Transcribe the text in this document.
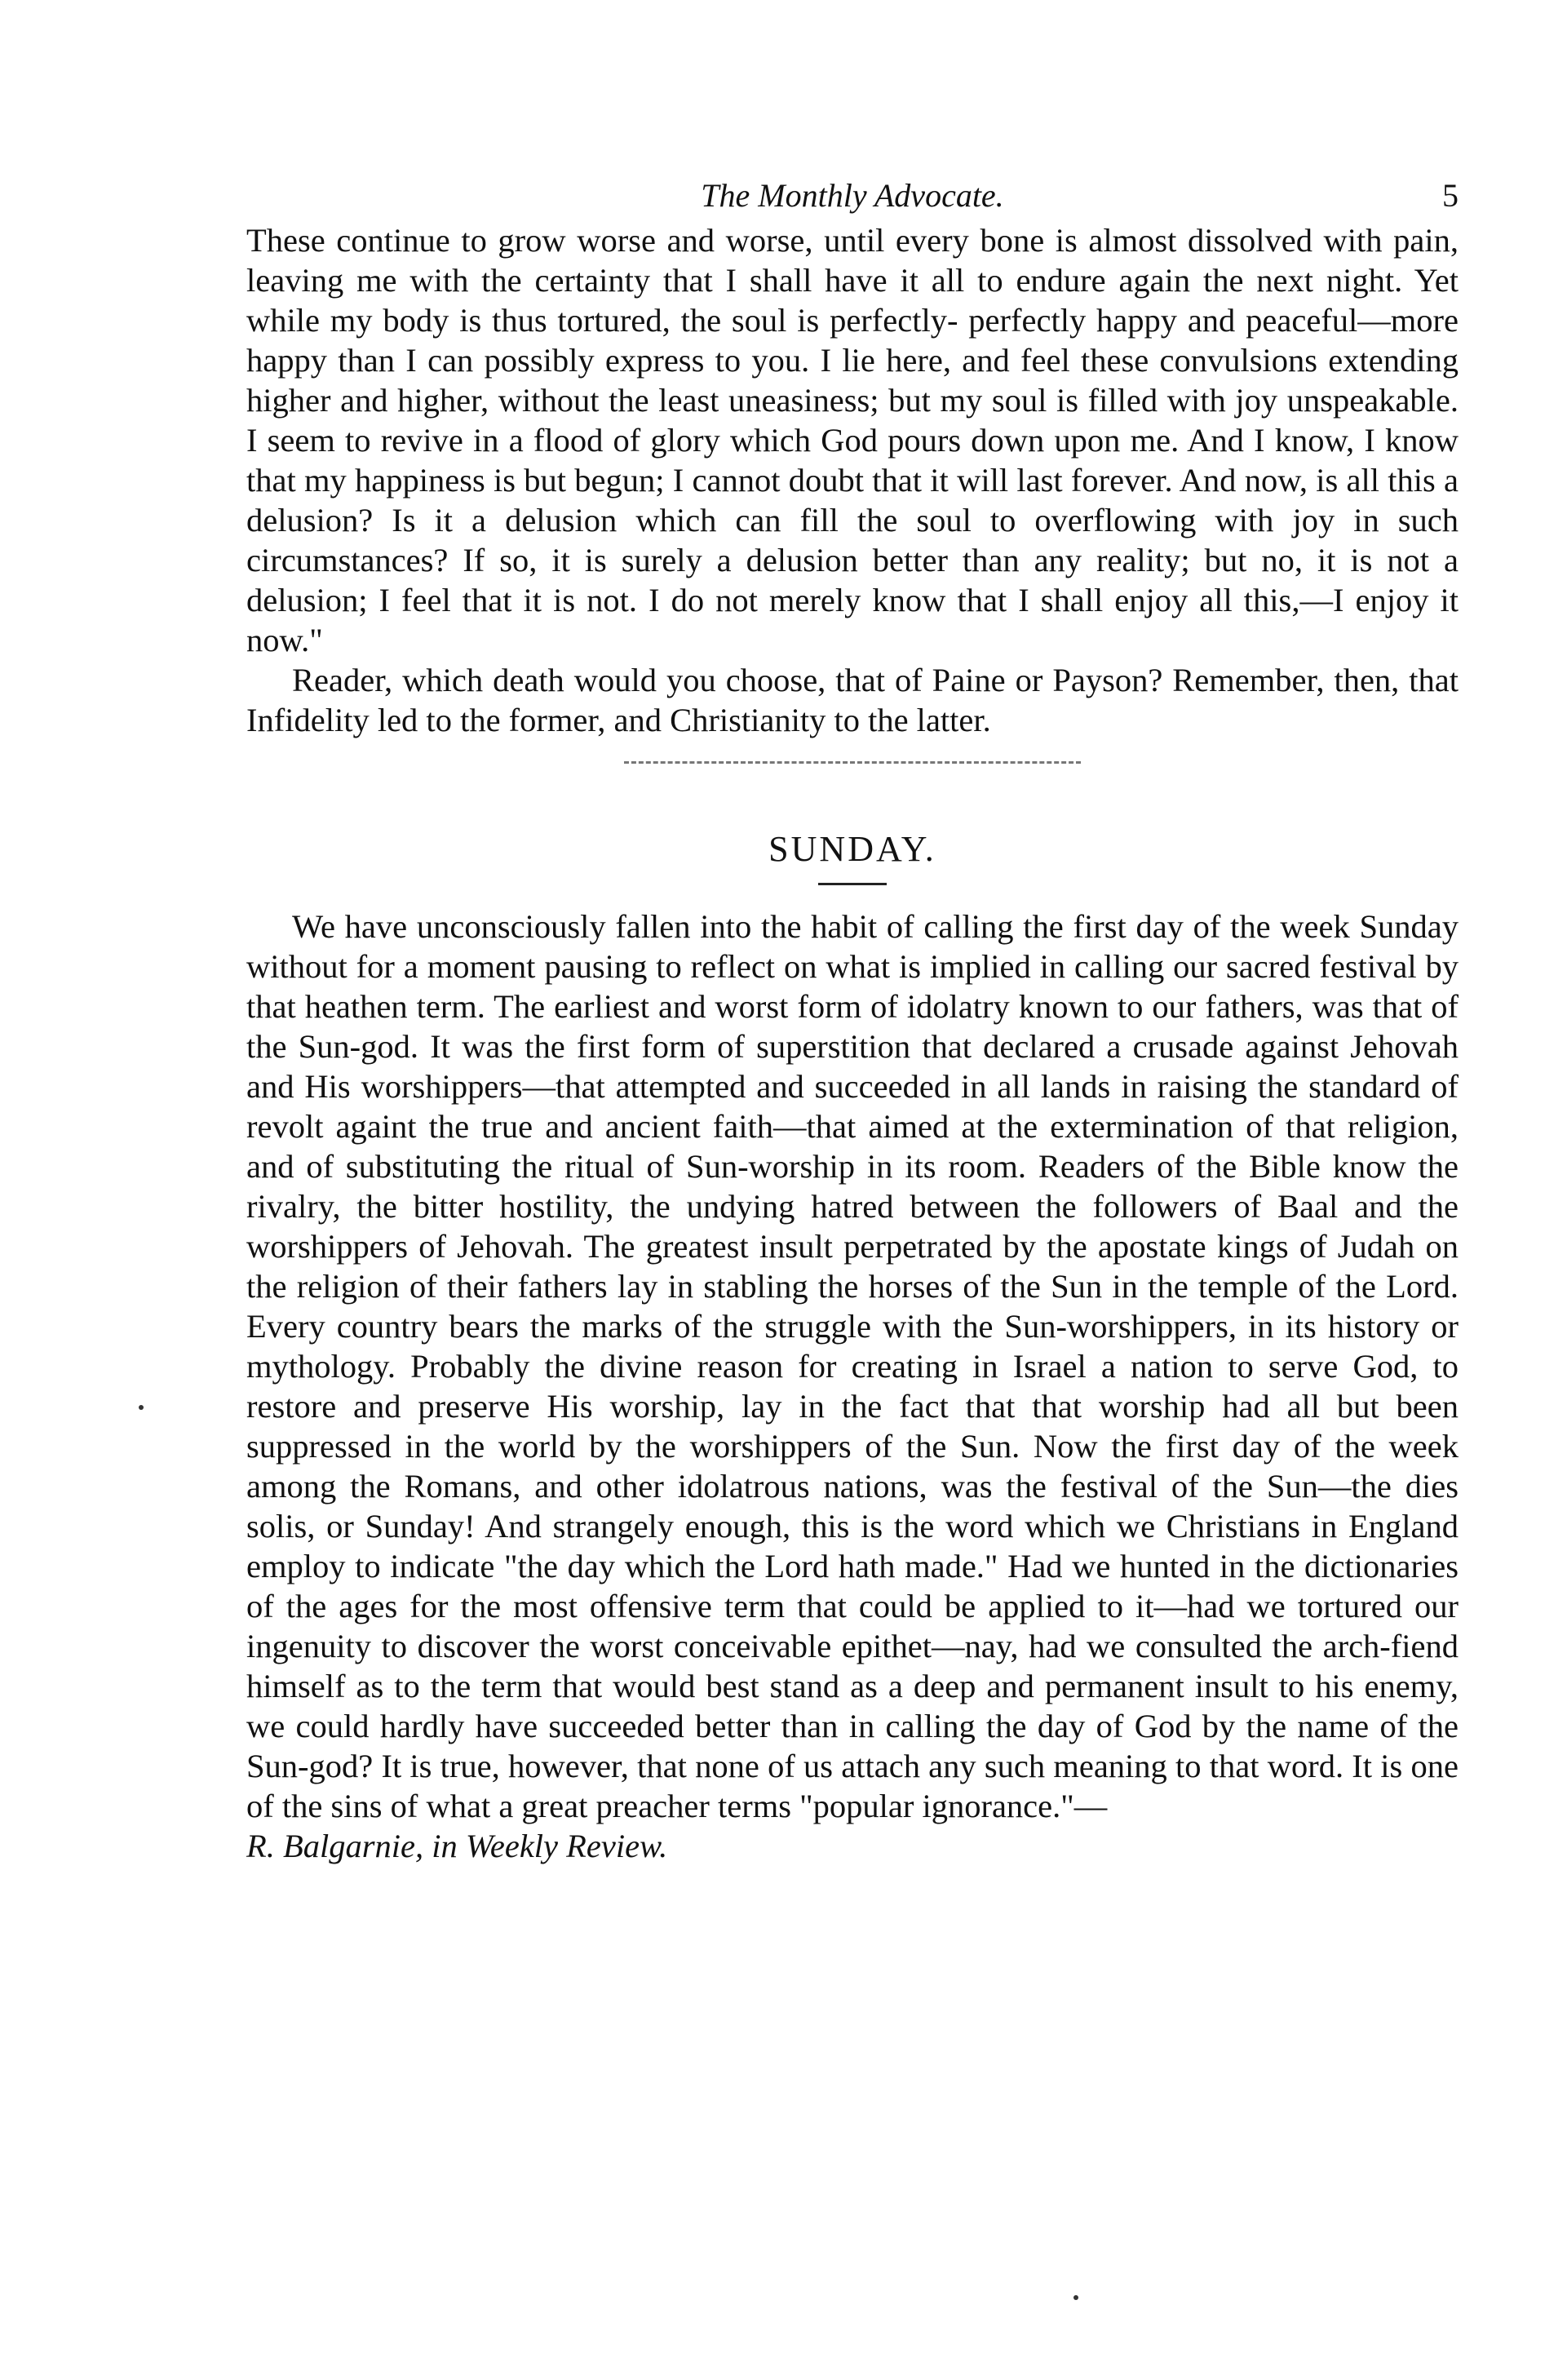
The Monthly Advocate.	5

These continue to grow worse and worse, until every bone is almost dissolved with pain, leaving me with the certainty that I shall have it all to endure again the next night. Yet while my body is thus tortured, the soul is perfectly- perfectly happy and peaceful—more happy than I can possibly express to you. I lie here, and feel these convulsions extending higher and higher, without the least uneasiness; but my soul is filled with joy unspeakable. I seem to revive in a flood of glory which God pours down upon me. And I know, I know that my happiness is but begun; I cannot doubt that it will last forever. And now, is all this a delusion? Is it a delusion which can fill the soul to overflowing with joy in such circumstances? If so, it is surely a delusion better than any reality; but no, it is not a delusion; I feel that it is not. I do not merely know that I shall enjoy all this,—I enjoy it now."

Reader, which death would you choose, that of Paine or Payson? Remember, then, that Infidelity led to the former, and Christianity to the latter.

SUNDAY.

We have unconsciously fallen into the habit of calling the first day of the week Sunday without for a moment pausing to reflect on what is implied in calling our sacred festival by that heathen term. The earliest and worst form of idolatry known to our fathers, was that of the Sun-god. It was the first form of superstition that declared a crusade against Jehovah and His worshippers—that attempted and succeeded in all lands in raising the standard of revolt againt the true and ancient faith—that aimed at the extermination of that religion, and of substituting the ritual of Sun-worship in its room. Readers of the Bible know the rivalry, the bitter hostility, the undying hatred between the followers of Baal and the worshippers of Jehovah. The greatest insult perpetrated by the apostate kings of Judah on the religion of their fathers lay in stabling the horses of the Sun in the temple of the Lord. Every country bears the marks of the struggle with the Sun-worshippers, in its history or mythology. Probably the divine reason for creating in Israel a nation to serve God, to restore and preserve His worship, lay in the fact that that worship had all but been suppressed in the world by the worshippers of the Sun. Now the first day of the week among the Romans, and other idolatrous nations, was the festival of the Sun—the dies solis, or Sunday! And strangely enough, this is the word which we Christians in England employ to indicate "the day which the Lord hath made." Had we hunted in the dictionaries of the ages for the most offensive term that could be applied to it—had we tortured our ingenuity to discover the worst conceivable epithet—nay, had we consulted the arch-fiend himself as to the term that would best stand as a deep and permanent insult to his enemy, we could hardly have succeeded better than in calling the day of God by the name of the Sun-god? It is true, however, that none of us attach any such meaning to that word. It is one of the sins of what a great preacher terms "popular ignorance."—

R. Balgarnie, in Weekly Review.
